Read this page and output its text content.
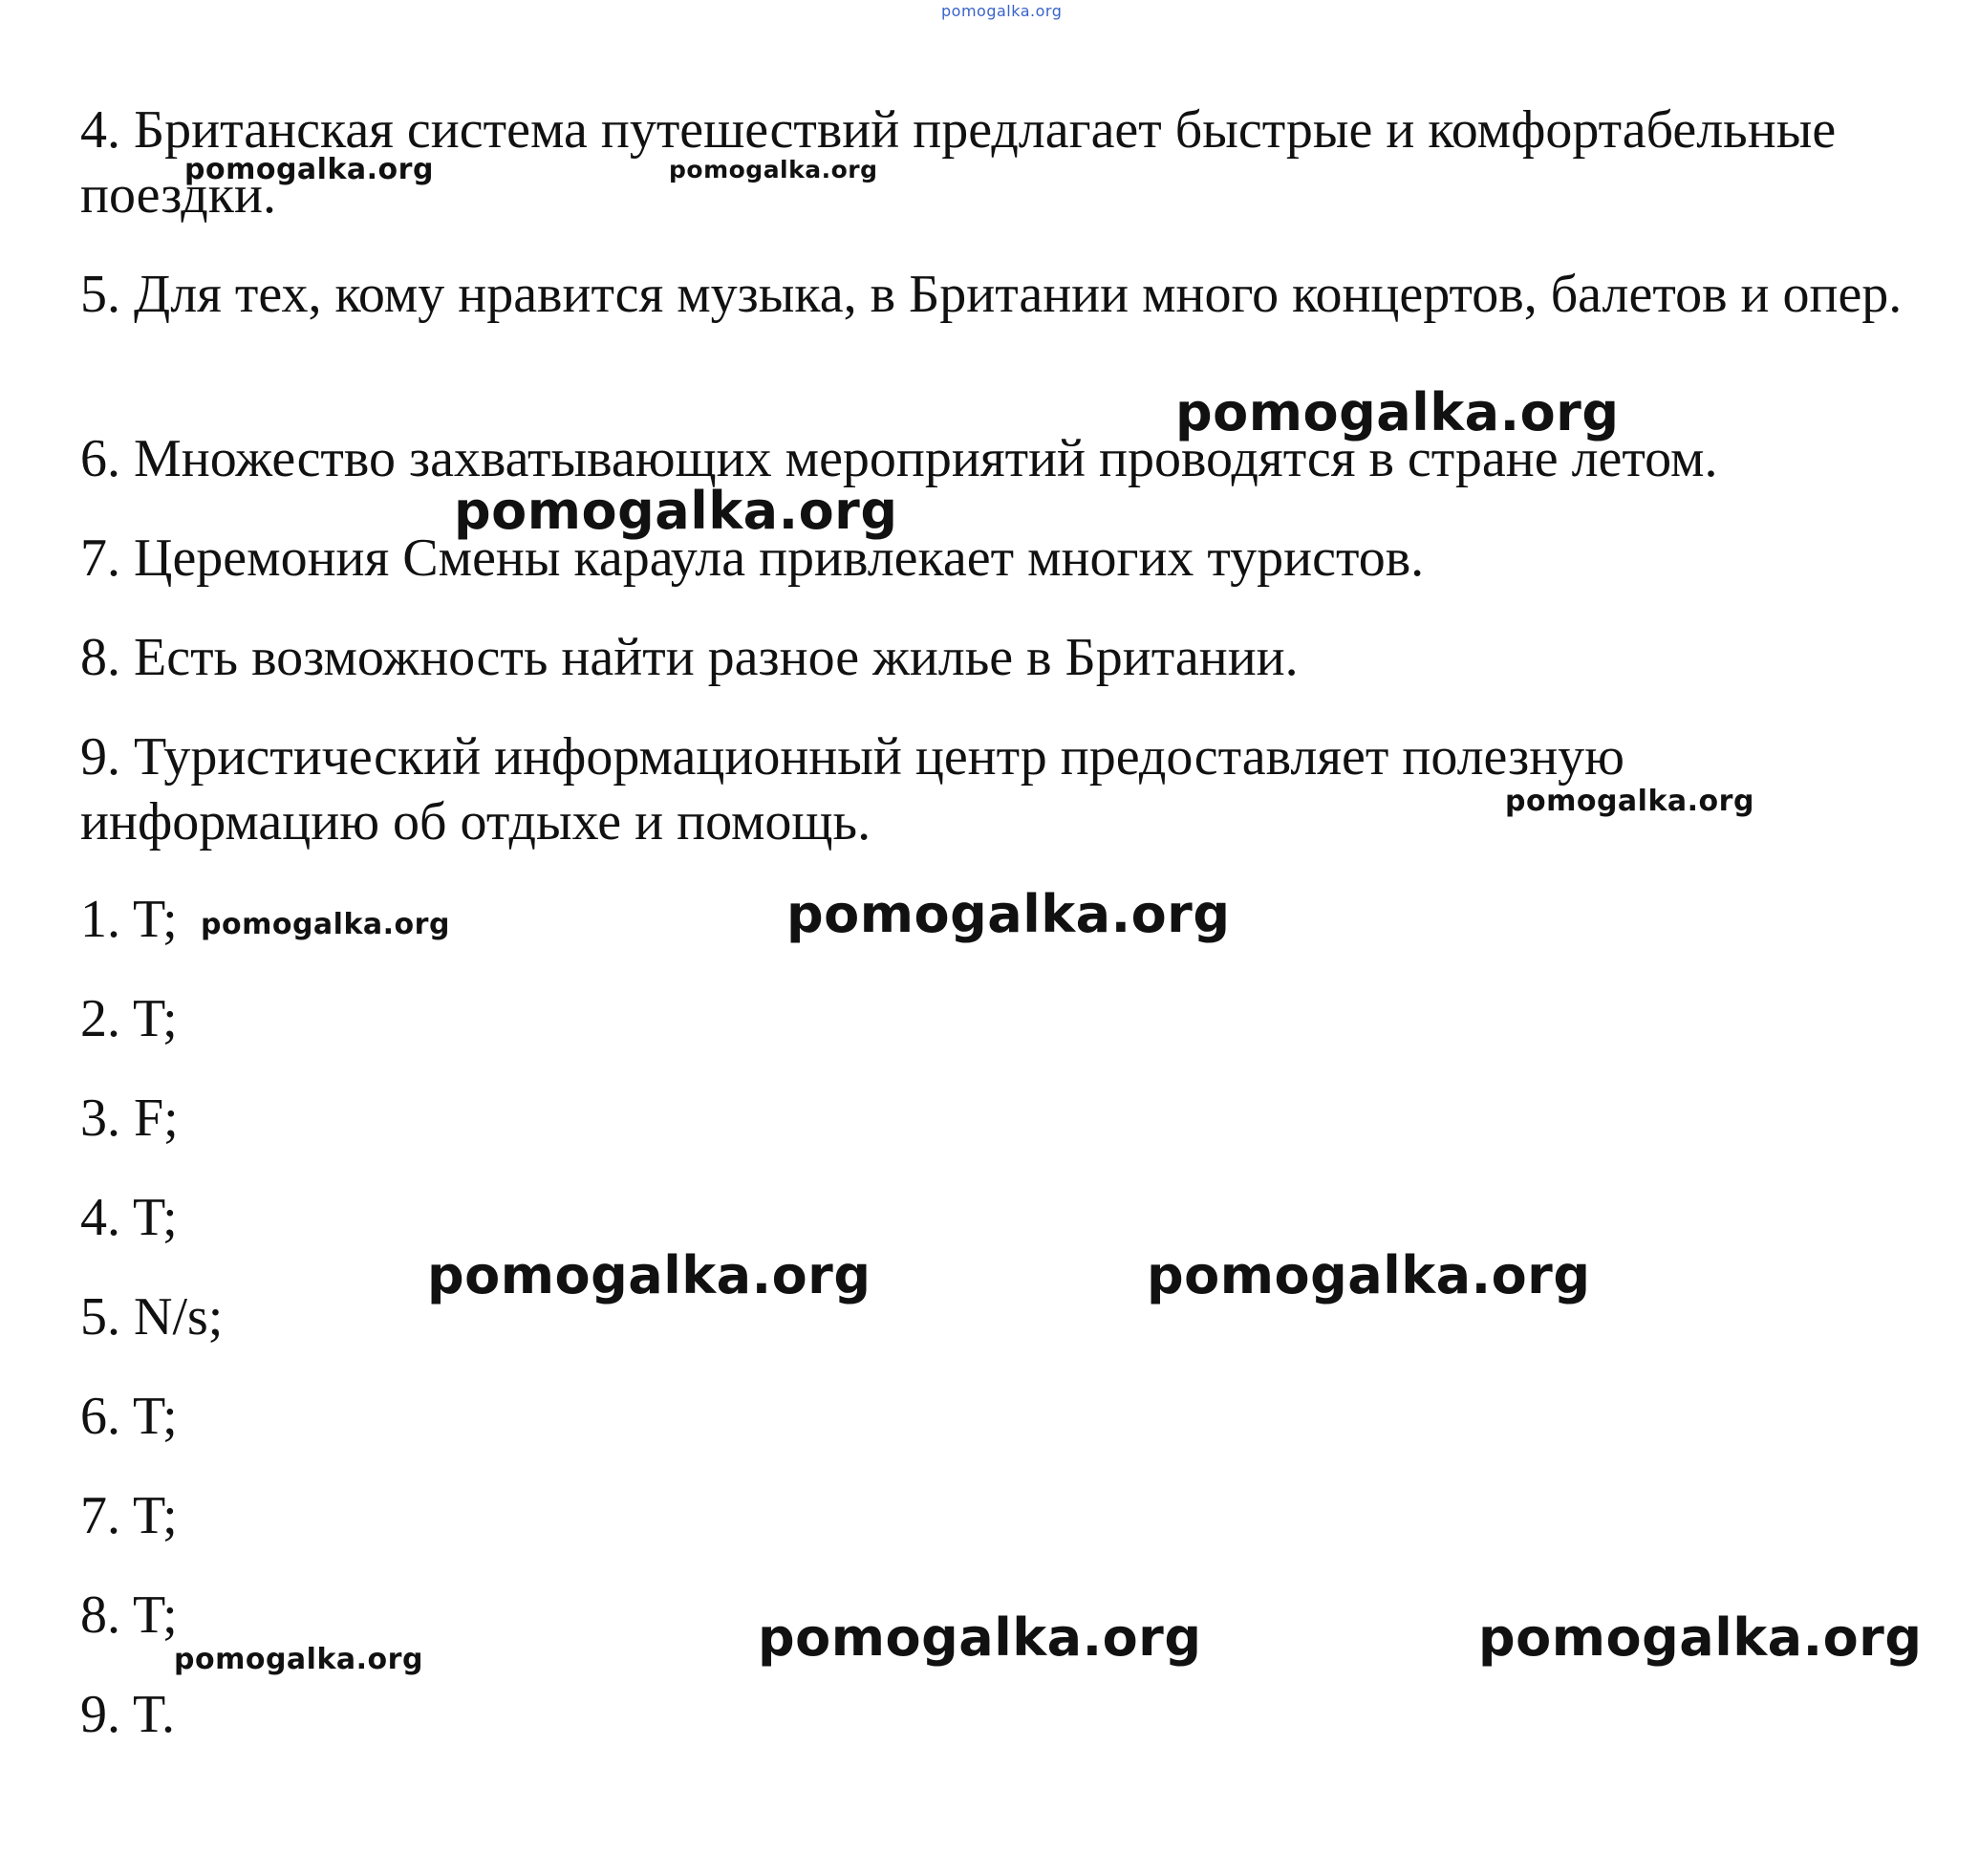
4. Британская система путешествий предлагает быстрые и комфортабельные поездки.

5. Для тех, кому нравится музыка, в Британии много концертов, балетов и опер.

6. Множество захватывающих мероприятий проводятся в стране летом.

7. Церемония Смены караула привлекает многих туристов.

8. Есть возможность найти разное жилье в Британии.

9. Туристический информационный центр предоставляет полезную информацию об отдыхе и помощь.

1. T;

2. T;

3. F;

4. T;

5. N/s;

6. T;

7. T;

8. T;

9. T.

pomogalka.org
pomogalka.org	pomogalka.org
pomogalka.org
pomogalka.org
pomogalka.org
pomogalka.org	pomogalka.org
pomogalka.org	pomogalka.org
pomogalka.org	pomogalka.org	pomogalka.org
